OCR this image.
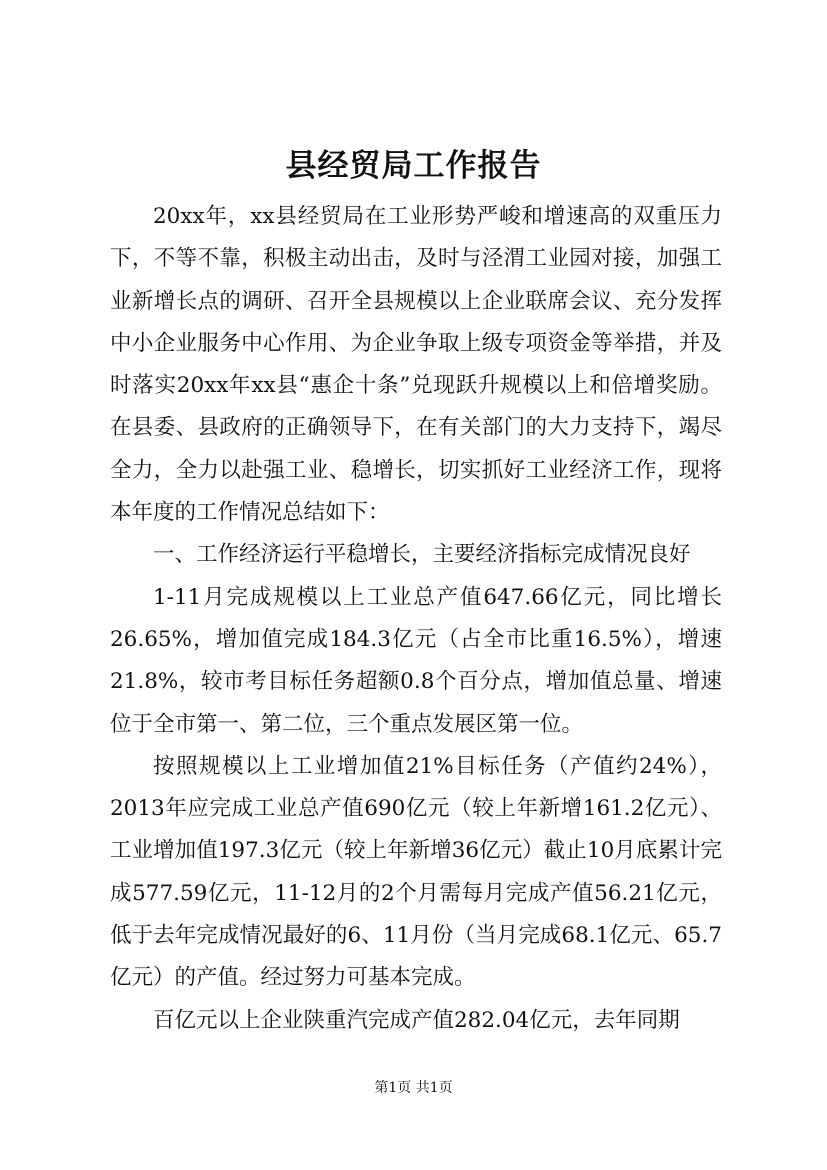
县经贸局工作报告

20xx年，xx县经贸局在工业形势严峻和增速高的双重压力下，不等不靠，积极主动出击，及时与泾渭工业园对接，加强工业新增长点的调研、召开全县规模以上企业联席会议、充分发挥中小企业服务中心作用、为企业争取上级专项资金等举措，并及时落实20xx年xx县“惠企十条”兑现跃升规模以上和倍增奖励。在县委、县政府的正确领导下，在有关部门的大力支持下，竭尽全力，全力以赴强工业、稳增长，切实抓好工业经济工作，现将本年度的工作情况总结如下：

一、工作经济运行平稳增长，主要经济指标完成情况良好

1-11月完成规模以上工业总产值647.66亿元，同比增长26.65%，增加值完成184.3亿元（占全市比重16.5%），增速21.8%，较市考目标任务超额0.8个百分点，增加值总量、增速位于全市第一、第二位，三个重点发展区第一位。

按照规模以上工业增加值21%目标任务（产值约24%），2013年应完成工业总产值690亿元（较上年新增161.2亿元）、工业增加值197.3亿元（较上年新增36亿元）截止10月底累计完成577.59亿元，11-12月的2个月需每月完成产值56.21亿元，低于去年完成情况最好的6、11月份（当月完成68.1亿元、65.7亿元）的产值。经过努力可基本完成。

百亿元以上企业陕重汽完成产值282.04亿元，去年同期

第1页 共1页
